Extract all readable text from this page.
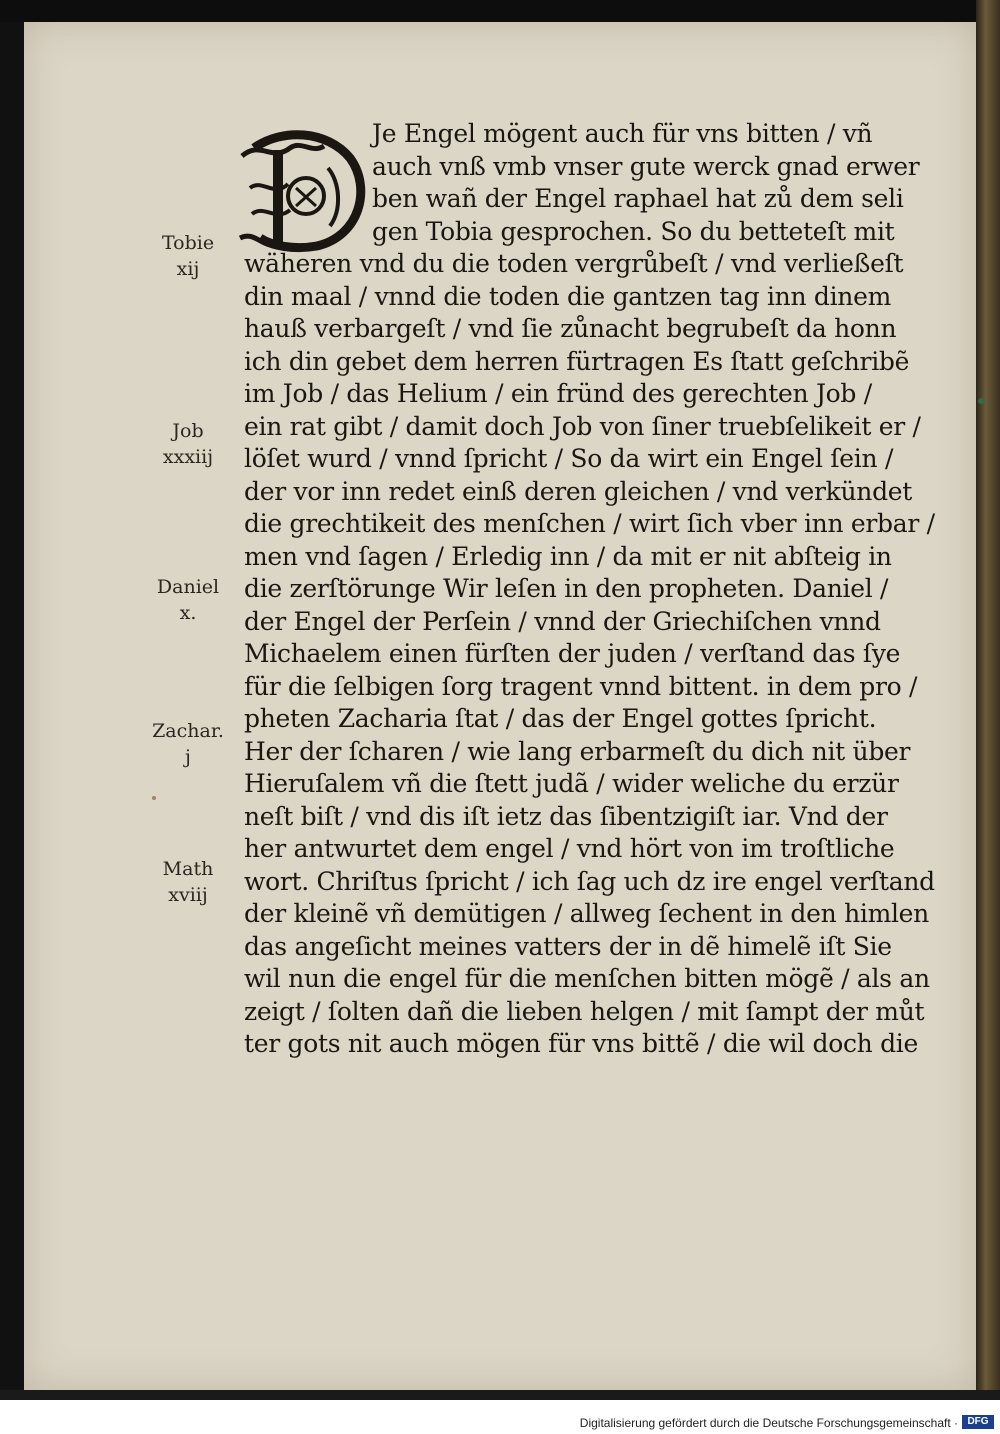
Je Engel mögent auch für vns bitten / vñ
auch vnß vmb vnser gute werck gnad erwer
ben wañ der Engel raphael hat zů dem seli
gen Tobia gesprochen. So du betteteſt mit
wäheren vnd du die toden vergrůbeſt / vnd verließeſt
din maal / vnnd die toden die gantzen tag inn dinem
hauß verbargeſt / vnd ſie zůnacht begrubeſt da honn
ich din gebet dem herren fürtragen Es ſtatt geſchribẽ
im Job / das Helium / ein fründ des gerechten Job /
ein rat gibt / damit doch Job von ſiner truebſelikeit er /
löſet wurd / vnnd ſpricht / So da wirt ein Engel ſein /
der vor inn redet einß deren gleichen / vnd verkündet
die grechtikeit des menſchen / wirt ſich vber inn erbar /
men vnd ſagen / Erledig inn / da mit er nit abſteig in
die zerſtörunge Wir leſen in den propheten. Daniel /
der Engel der Perſein / vnnd der Griechiſchen vnnd
Michaelem einen fürſten der juden / verſtand das ſye
für die ſelbigen ſorg tragent vnnd bittent. in dem pro /
pheten Zacharia ſtat / das der Engel gottes ſpricht.
Her der ſcharen / wie lang erbarmeſt du dich nit über
Hieruſalem vñ die ſtett judã / wider weliche du erzür
neſt biſt / vnd dis iſt ietz das ſibentzigiſt iar. Vnd der
her antwurtet dem engel / vnd hört von im troſtliche
wort. Chriſtus ſpricht / ich ſag uch dz ire engel verſtand
der kleinẽ vñ demütigen / allweg ſechent in den himlen
das angeſicht meines vatters der in dẽ himelẽ iſt Sie
wil nun die engel für die menſchen bitten mögẽ / als an
zeigt / ſolten dañ die lieben helgen / mit ſampt der můt
ter gots nit auch mögen für vns bittẽ / die wil doch die
Tobie
xij
Job
xxxiij
Daniel
x.
Zachar.
j
Math
xviij
Digitalisierung gefördert durch die Deutsche Forschungsgemeinschaft · DFG
